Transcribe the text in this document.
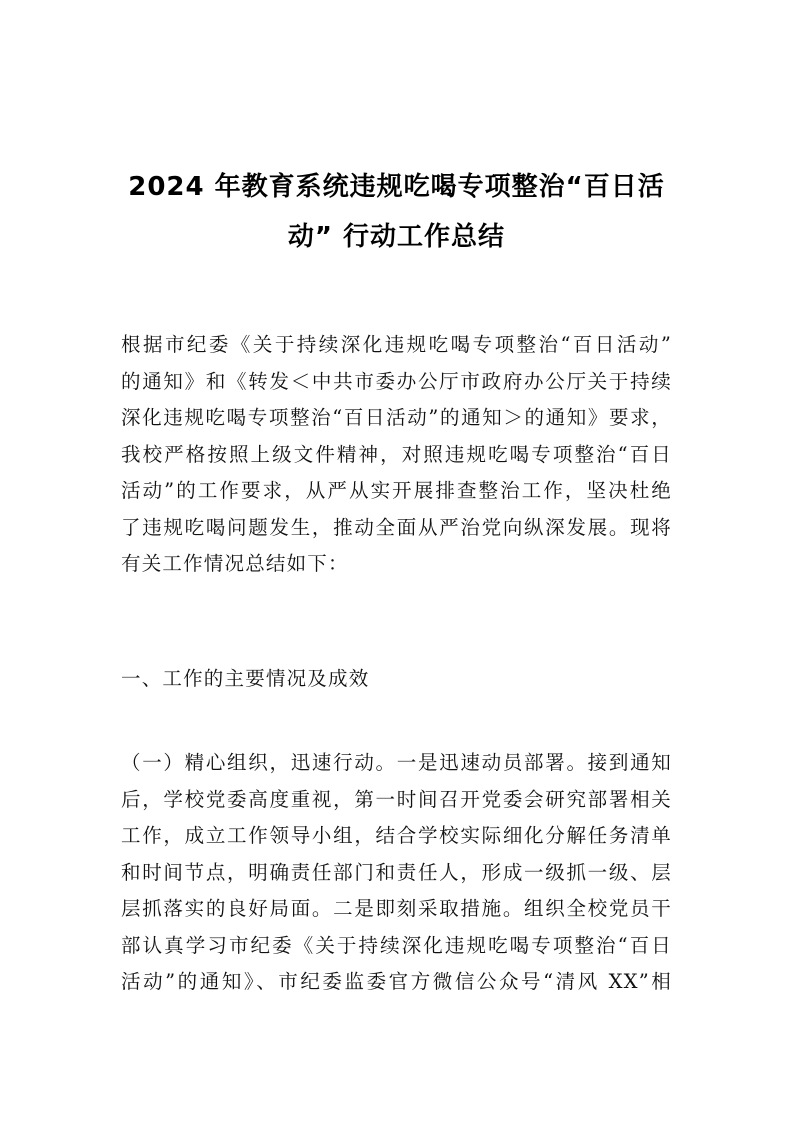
2024 年教育系统违规吃喝专项整治“百日活
动” 行动工作总结
根据市纪委《关于持续深化违规吃喝专项整治“百日活动”
的通知》和《转发＜中共市委办公厅市政府办公厅关于持续
深化违规吃喝专项整治“百日活动”的通知＞的通知》要求，
我校严格按照上级文件精神，对照违规吃喝专项整治“百日
活动”的工作要求，从严从实开展排查整治工作，坚决杜绝
了违规吃喝问题发生，推动全面从严治党向纵深发展。现将
有关工作情况总结如下：
一、工作的主要情况及成效
（一）精心组织，迅速行动。一是迅速动员部署。接到通知
后，学校党委高度重视，第一时间召开党委会研究部署相关
工作，成立工作领导小组，结合学校实际细化分解任务清单
和时间节点，明确责任部门和责任人，形成一级抓一级、层
层抓落实的良好局面。二是即刻采取措施。组织全校党员干
部认真学习市纪委《关于持续深化违规吃喝专项整治“百日
活动”的通知》、市纪委监委官方微信公众号“清风 XX”相
